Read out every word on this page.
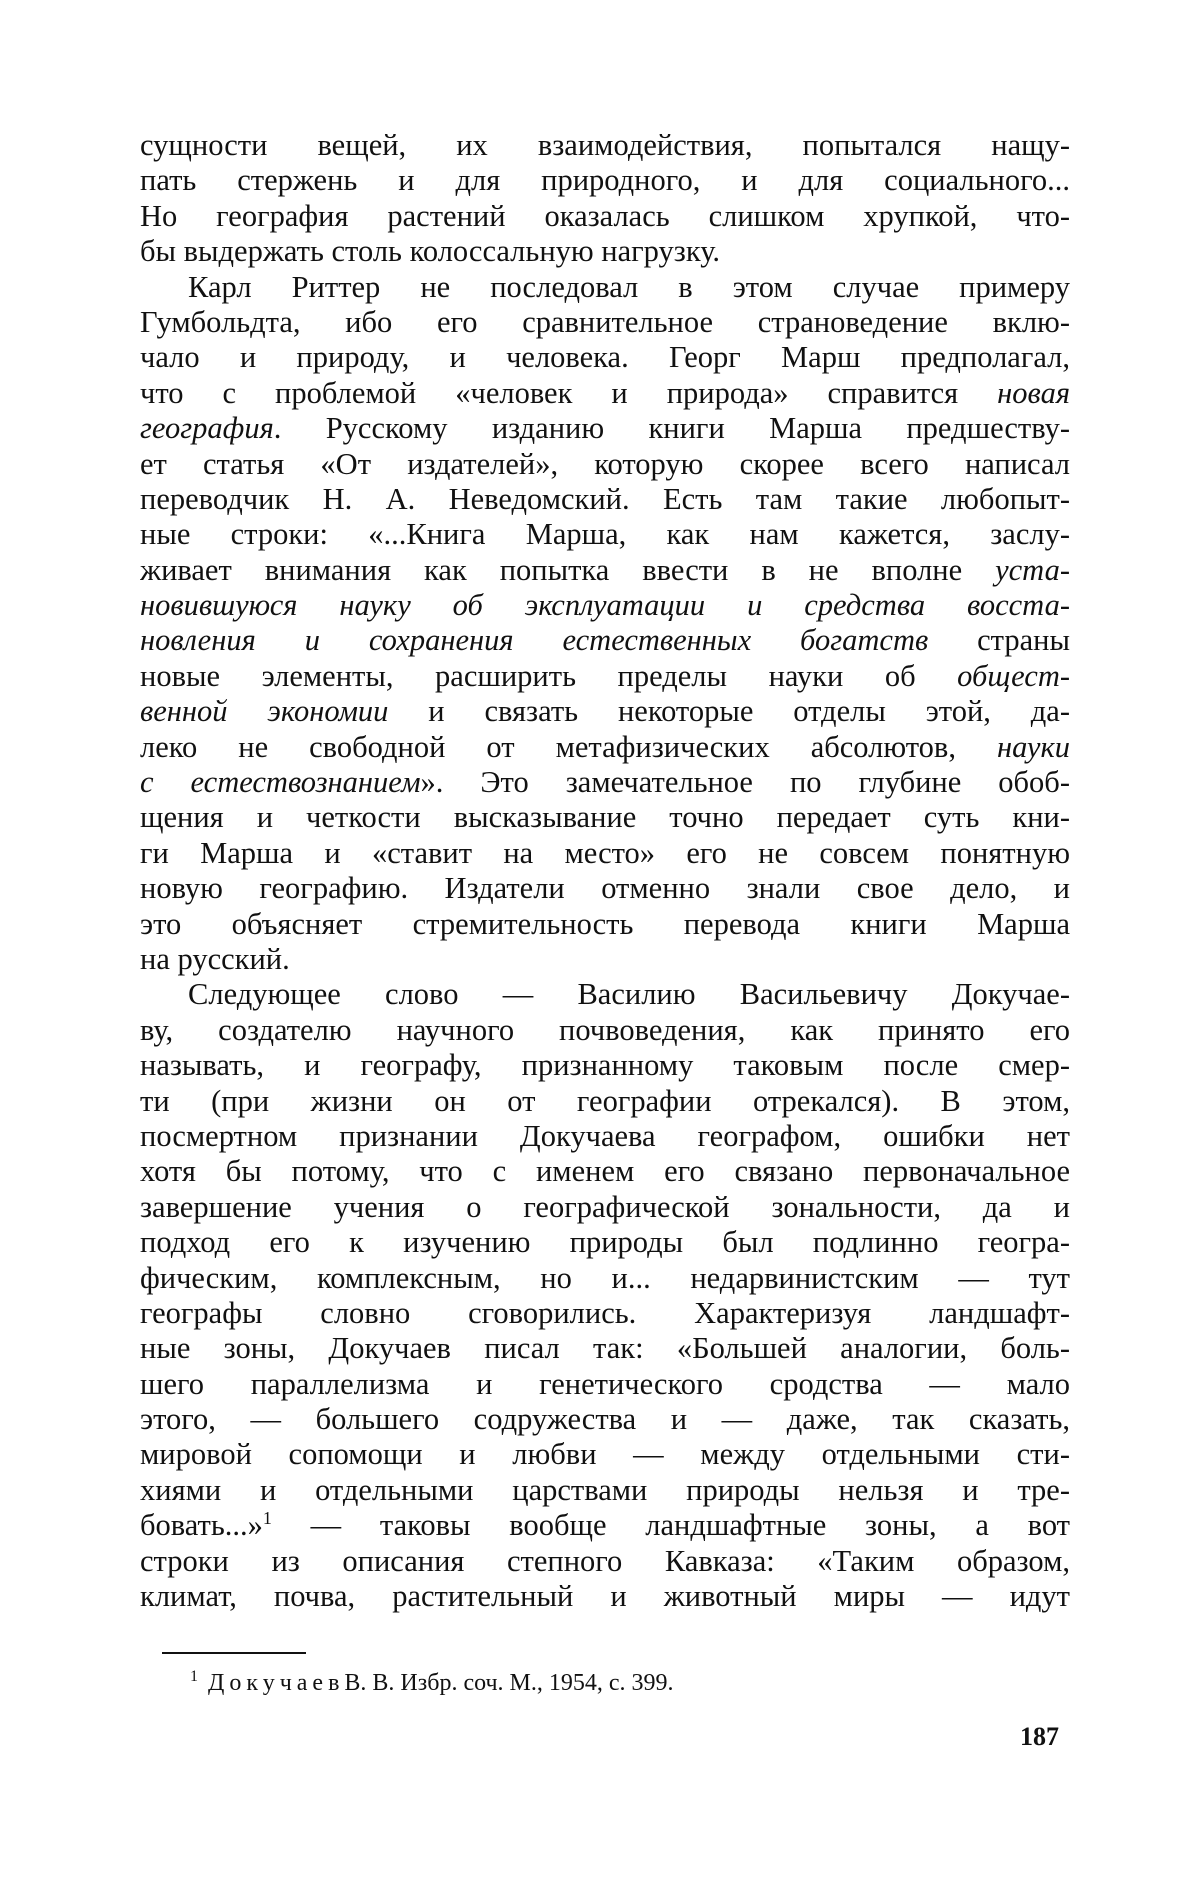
сущности вещей, их взаимодействия, попытался нащу-
пать стержень и для природного, и для социального...
Но география растений оказалась слишком хрупкой, что-
бы выдержать столь колоссальную нагрузку.
Карл Риттер не последовал в этом случае примеру
Гумбольдта, ибо его сравнительное страноведение вклю-
чало и природу, и человека. Георг Марш предполагал,
что с проблемой «человек и природа» справится новая
география. Русскому изданию книги Марша предшеству-
ет статья «От издателей», которую скорее всего написал
переводчик Н. А. Неведомский. Есть там такие любопыт-
ные строки: «...Книга Марша, как нам кажется, заслу-
живает внимания как попытка ввести в не вполне уста-
новившуюся науку об эксплуатации и средства восста-
новления и сохранения естественных богатств страны
новые элементы, расширить пределы науки об общест-
венной экономии и связать некоторые отделы этой, да-
леко не свободной от метафизических абсолютов, науки
с естествознанием». Это замечательное по глубине обоб-
щения и четкости высказывание точно передает суть кни-
ги Марша и «ставит на место» его не совсем понятную
новую географию. Издатели отменно знали свое дело, и
это объясняет стремительность перевода книги Марша
на русский.
Следующее слово — Василию Васильевичу Докучае-
ву, создателю научного почвоведения, как принято его
называть, и географу, признанному таковым после смер-
ти (при жизни он от географии отрекался). В этом,
посмертном признании Докучаева географом, ошибки нет
хотя бы потому, что с именем его связано первоначальное
завершение учения о географической зональности, да и
подход его к изучению природы был подлинно геогра-
фическим, комплексным, но и... недарвинистским — тут
географы словно сговорились. Характеризуя ландшафт-
ные зоны, Докучаев писал так: «Большей аналогии, боль-
шего параллелизма и генетического сродства — мало
этого, — большего содружества и — даже, так сказать,
мировой сопомощи и любви — между отдельными сти-
хиями и отдельными царствами природы нельзя и тре-
бовать...»$^1$ — таковы вообще ландшафтные зоны, а вот
строки из описания степного Кавказа: «Таким образом,
климат, почва, растительный и животный миры — идут
$^1$ ДокучаевВ. В. Избр. соч. М., 1954, с. 399.
187
